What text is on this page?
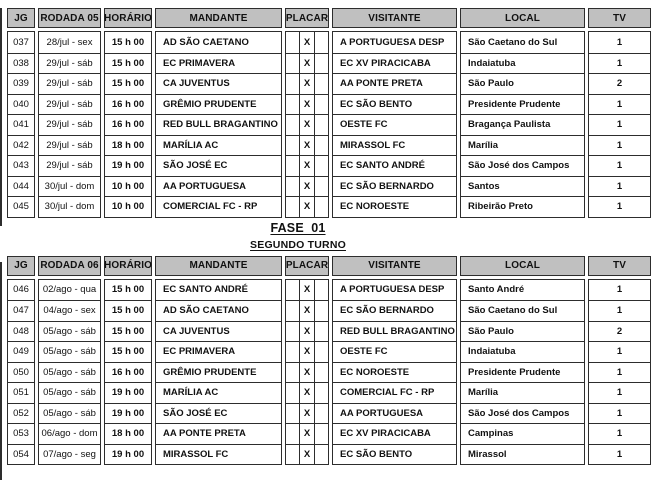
JG
037
038
039
040
041
042
043
044
045
RODADA 05
28/jul - sex
29/jul - sáb
29/jul - sáb
29/jul - sáb
29/jul - sáb
29/jul - sáb
29/jul - sáb
30/jul - dom
30/jul - dom
HORÁRIO
15 h 00
15 h 00
15 h 00
16 h 00
16 h 00
18 h 00
19 h 00
10 h 00
10 h 00
MANDANTE
AD SÃO CAETANO
EC PRIMAVERA
CA JUVENTUS
GRÊMIO PRUDENTE
RED BULL BRAGANTINO
MARÍLIA AC
SÃO JOSÉ EC
AA PORTUGUESA
COMERCIAL FC - RP
PLACAR
X
X
X
X
X
X
X
X
X
VISITANTE
A PORTUGUESA DESP
EC XV PIRACICABA
AA PONTE PRETA
EC SÃO BENTO
OESTE FC
MIRASSOL FC
EC SANTO ANDRÉ
EC SÃO BERNARDO
EC NOROESTE
LOCAL
São Caetano do Sul
Indaiatuba
São Paulo
Presidente Prudente
Bragança Paulista
Marília
São José dos Campos
Santos
Ribeirão Preto
TV
1
1
2
1
1
1
1
1
1
FASE  01
SEGUNDO TURNO
JG
046
047
048
049
050
051
052
053
054
RODADA 06
02/ago - qua
04/ago - sex
05/ago - sáb
05/ago - sáb
05/ago - sáb
05/ago - sáb
05/ago - sáb
06/ago - dom
07/ago - seg
HORÁRIO
15 h 00
15 h 00
15 h 00
15 h 00
16 h 00
19 h 00
19 h 00
18 h 00
19 h 00
MANDANTE
EC SANTO ANDRÉ
AD SÃO CAETANO
CA JUVENTUS
EC PRIMAVERA
GRÊMIO PRUDENTE
MARÍLIA AC
SÃO JOSÉ EC
AA PONTE PRETA
MIRASSOL FC
PLACAR
X
X
X
X
X
X
X
X
X
VISITANTE
A PORTUGUESA DESP
EC SÃO BERNARDO
RED BULL BRAGANTINO
OESTE FC
EC NOROESTE
COMERCIAL FC - RP
AA PORTUGUESA
EC XV PIRACICABA
EC SÃO BENTO
LOCAL
Santo André
São Caetano do Sul
São Paulo
Indaiatuba
Presidente Prudente
Marília
São José dos Campos
Campinas
Mirassol
TV
1
1
2
1
1
1
1
1
1
